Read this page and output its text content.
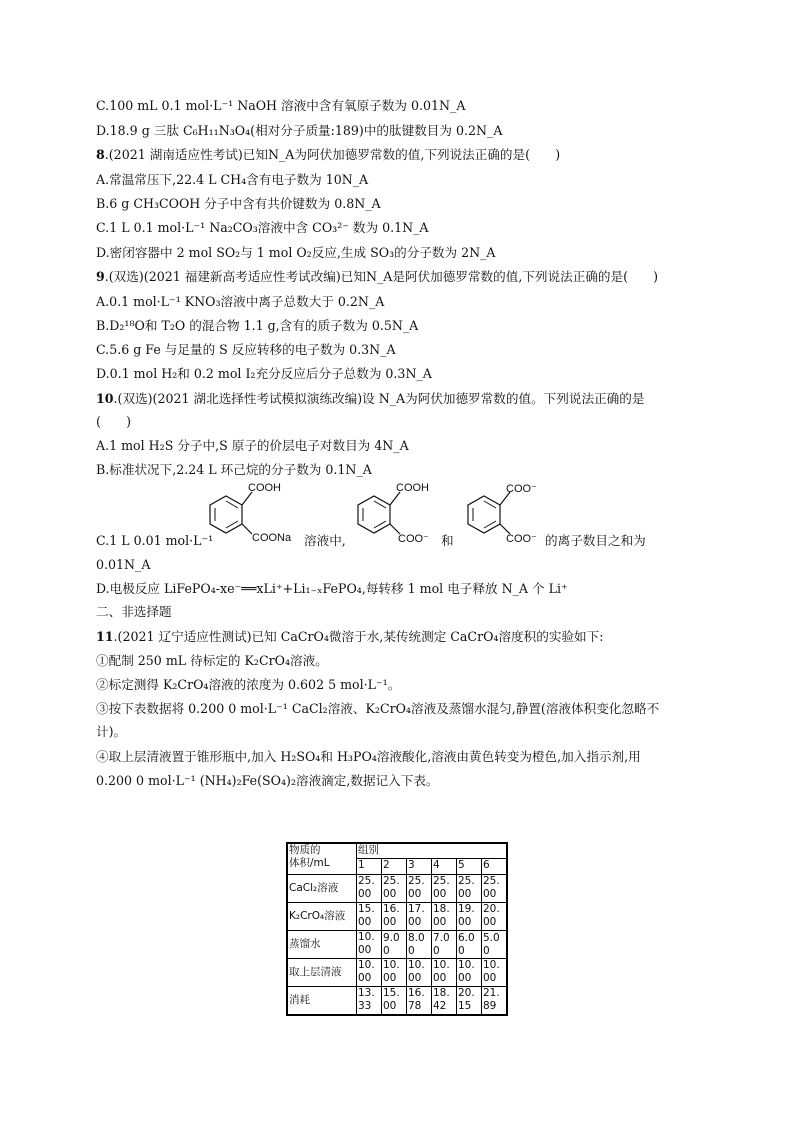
C.100 mL 0.1 mol·L⁻¹ NaOH 溶液中含有氧原子数为 0.01N_A
D.18.9 g 三肽 C₆H₁₁N₃O₄(相对分子质量:189)中的肽键数目为 0.2N_A
8.(2021 湖南适应性考试)已知N_A为阿伏加德罗常数的值,下列说法正确的是(　　)
A.常温常压下,22.4 L CH₄含有电子数为 10N_A
B.6 g CH₃COOH 分子中含有共价键数为 0.8N_A
C.1 L 0.1 mol·L⁻¹ Na₂CO₃溶液中含 CO₃²⁻ 数为 0.1N_A
D.密闭容器中 2 mol SO₂与 1 mol O₂反应,生成 SO₃的分子数为 2N_A
9.(双选)(2021 福建新高考适应性考试改编)已知N_A是阿伏加德罗常数的值,下列说法正确的是(　　)
A.0.1 mol·L⁻¹ KNO₃溶液中离子总数大于 0.2N_A
B.D₂¹⁸O和 T₂O 的混合物 1.1 g,含有的质子数为 0.5N_A
C.5.6 g Fe 与足量的 S 反应转移的电子数为 0.3N_A
D.0.1 mol H₂和 0.2 mol I₂充分反应后分子总数为 0.3N_A
10.(双选)(2021 湖北选择性考试模拟演练改编)设 N_A为阿伏加德罗常数的值。下列说法正确的是
(　　)
A.1 mol H₂S 分子中,S 原子的价层电子对数目为 4N_A
B.标准状况下,2.24 L 环己烷的分子数为 0.1N_A
C.1 L 0.01 mol·L⁻¹	溶液中,	和	的离子数目之和为
0.01N_A
COOH
COONa
COOH
COO⁻
COO⁻
COO⁻
D.电极反应 LiFePO₄-xe⁻══xLi⁺+Li₁₋ₓFePO₄,每转移 1 mol 电子释放 N_A 个 Li⁺
二、非选择题
11.(2021 辽宁适应性测试)已知 CaCrO₄微溶于水,某传统测定 CaCrO₄溶度积的实验如下:
①配制 250 mL 待标定的 K₂CrO₄溶液。
②标定测得 K₂CrO₄溶液的浓度为 0.602 5 mol·L⁻¹。
③按下表数据将 0.200 0 mol·L⁻¹ CaCl₂溶液、K₂CrO₄溶液及蒸馏水混匀,静置(溶液体积变化忽略不
计)。
④取上层清液置于锥形瓶中,加入 H₂SO₄和 H₃PO₄溶液酸化,溶液由黄色转变为橙色,加入指示剂,用
0.200 0 mol·L⁻¹ (NH₄)₂Fe(SO₄)₂溶液滴定,数据记入下表。
物质的
体积/mL	组别					
	1	2	3	4	5	6
CaCl₂溶液	25.00	25.00	25.00	25.00	25.00	25.00
K₂CrO₄溶液	15.00	16.00	17.00	18.00	19.00	20.00
蒸馏水	10.00	9.00	8.00	7.00	6.00	5.00
取上层清液	10.00	10.00	10.00	10.00	10.00	10.00
消耗	13.33	15.00	16.78	18.42	20.15	21.89
